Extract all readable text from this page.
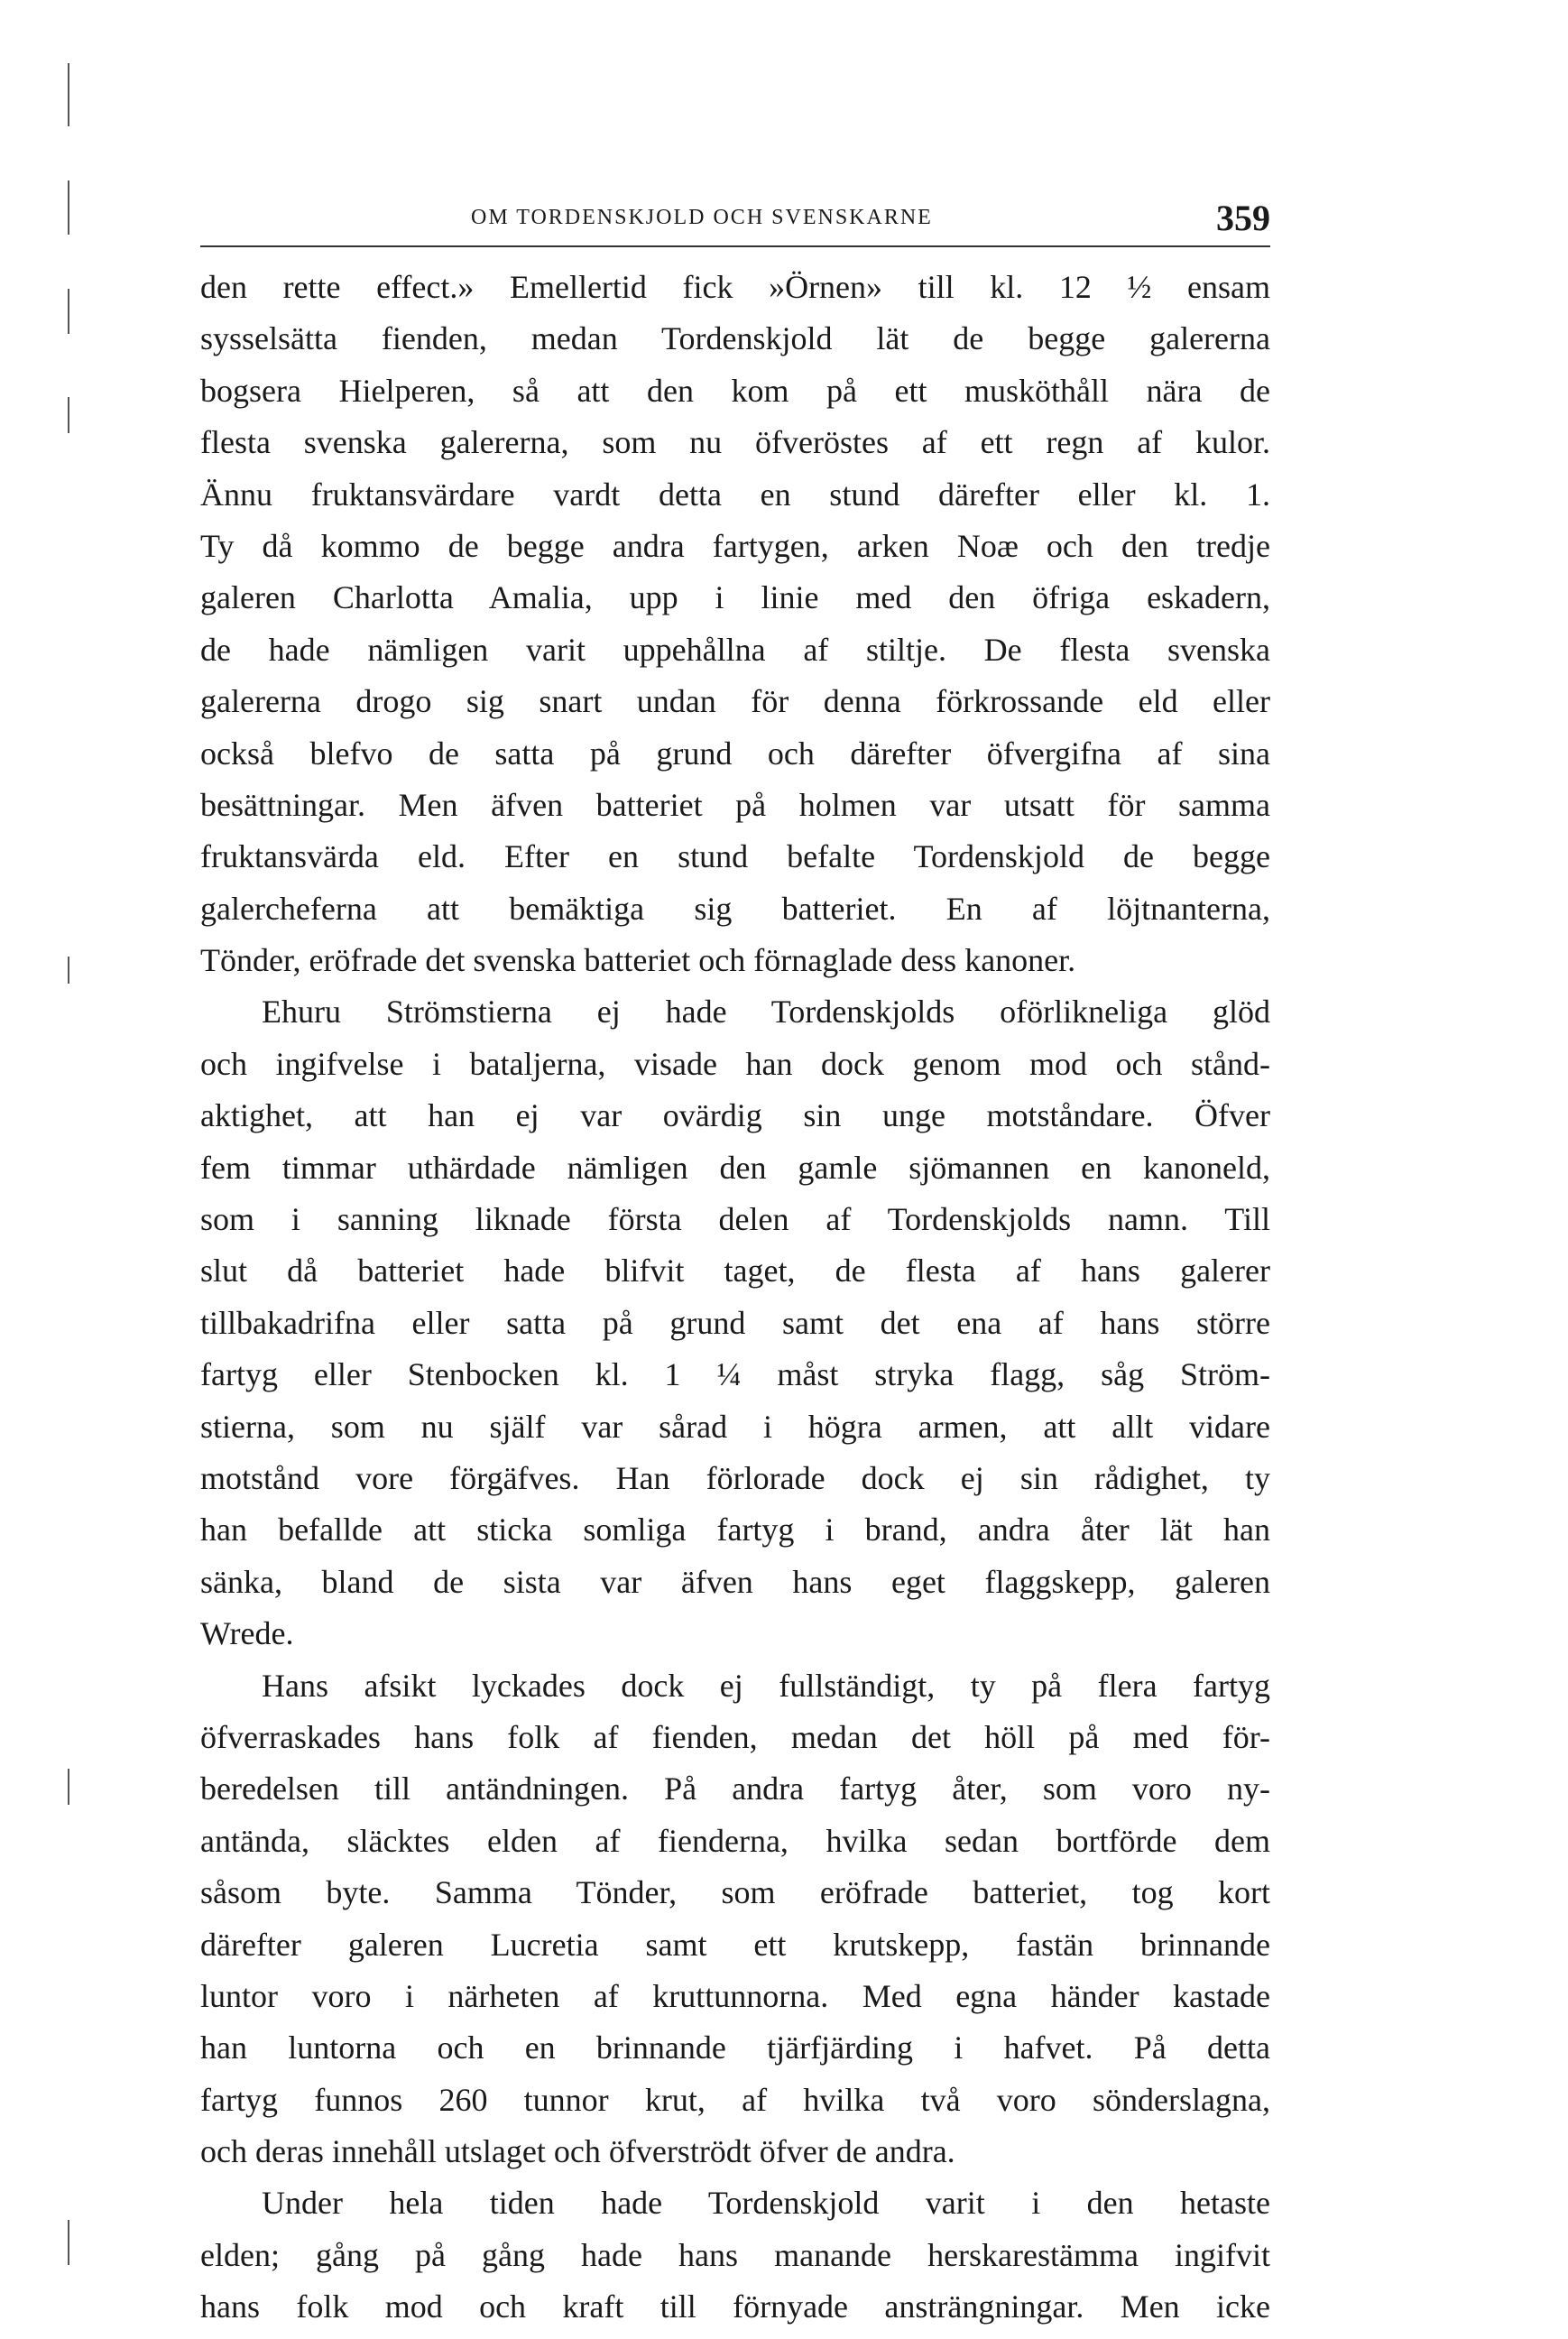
OM TORDENSKJOLD OCH SVENSKARNE	359
den rette effect.» Emellertid fick »Örnen» till kl. 12 ½ ensam
sysselsätta fienden, medan Tordenskjold lät de begge galererna
bogsera Hielperen, så att den kom på ett musköthåll nära de
flesta svenska galererna, som nu öfveröstes af ett regn af kulor.
Ännu fruktansvärdare vardt detta en stund därefter eller kl. 1.
Ty då kommo de begge andra fartygen, arken Noæ och den tredje
galeren Charlotta Amalia, upp i linie med den öfriga eskadern,
de hade nämligen varit uppehållna af stiltje. De flesta svenska
galererna drogo sig snart undan för denna förkrossande eld eller
också blefvo de satta på grund och därefter öfvergifna af sina
besättningar. Men äfven batteriet på holmen var utsatt för samma
fruktansvärda eld. Efter en stund befalte Tordenskjold de begge
galercheferna att bemäktiga sig batteriet. En af löjtnanterna,
Tönder, eröfrade det svenska batteriet och förnaglade dess kanoner.
Ehuru Strömstierna ej hade Tordenskjolds oförlikneliga glöd
och ingifvelse i bataljerna, visade han dock genom mod och stånd-
aktighet, att han ej var ovärdig sin unge motståndare. Öfver
fem timmar uthärdade nämligen den gamle sjömannen en kanoneld,
som i sanning liknade första delen af Tordenskjolds namn. Till
slut då batteriet hade blifvit taget, de flesta af hans galerer
tillbakadrifna eller satta på grund samt det ena af hans större
fartyg eller Stenbocken kl. 1 ¼ måst stryka flagg, såg Ström-
stierna, som nu själf var sårad i högra armen, att allt vidare
motstånd vore förgäfves. Han förlorade dock ej sin rådighet, ty
han befallde att sticka somliga fartyg i brand, andra åter lät han
sänka, bland de sista var äfven hans eget flaggskepp, galeren
Wrede.
Hans afsikt lyckades dock ej fullständigt, ty på flera fartyg
öfverraskades hans folk af fienden, medan det höll på med för-
beredelsen till antändningen. På andra fartyg åter, som voro ny-
antända, släcktes elden af fienderna, hvilka sedan bortförde dem
såsom byte. Samma Tönder, som eröfrade batteriet, tog kort
därefter galeren Lucretia samt ett krutskepp, fastän brinnande
luntor voro i närheten af kruttunnorna. Med egna händer kastade
han luntorna och en brinnande tjärfjärding i hafvet. På detta
fartyg funnos 260 tunnor krut, af hvilka två voro sönderslagna,
och deras innehåll utslaget och öfverströdt öfver de andra.
Under hela tiden hade Tordenskjold varit i den hetaste
elden; gång på gång hade hans manande herskarestämma ingifvit
hans folk mod och kraft till förnyade ansträngningar. Men icke
